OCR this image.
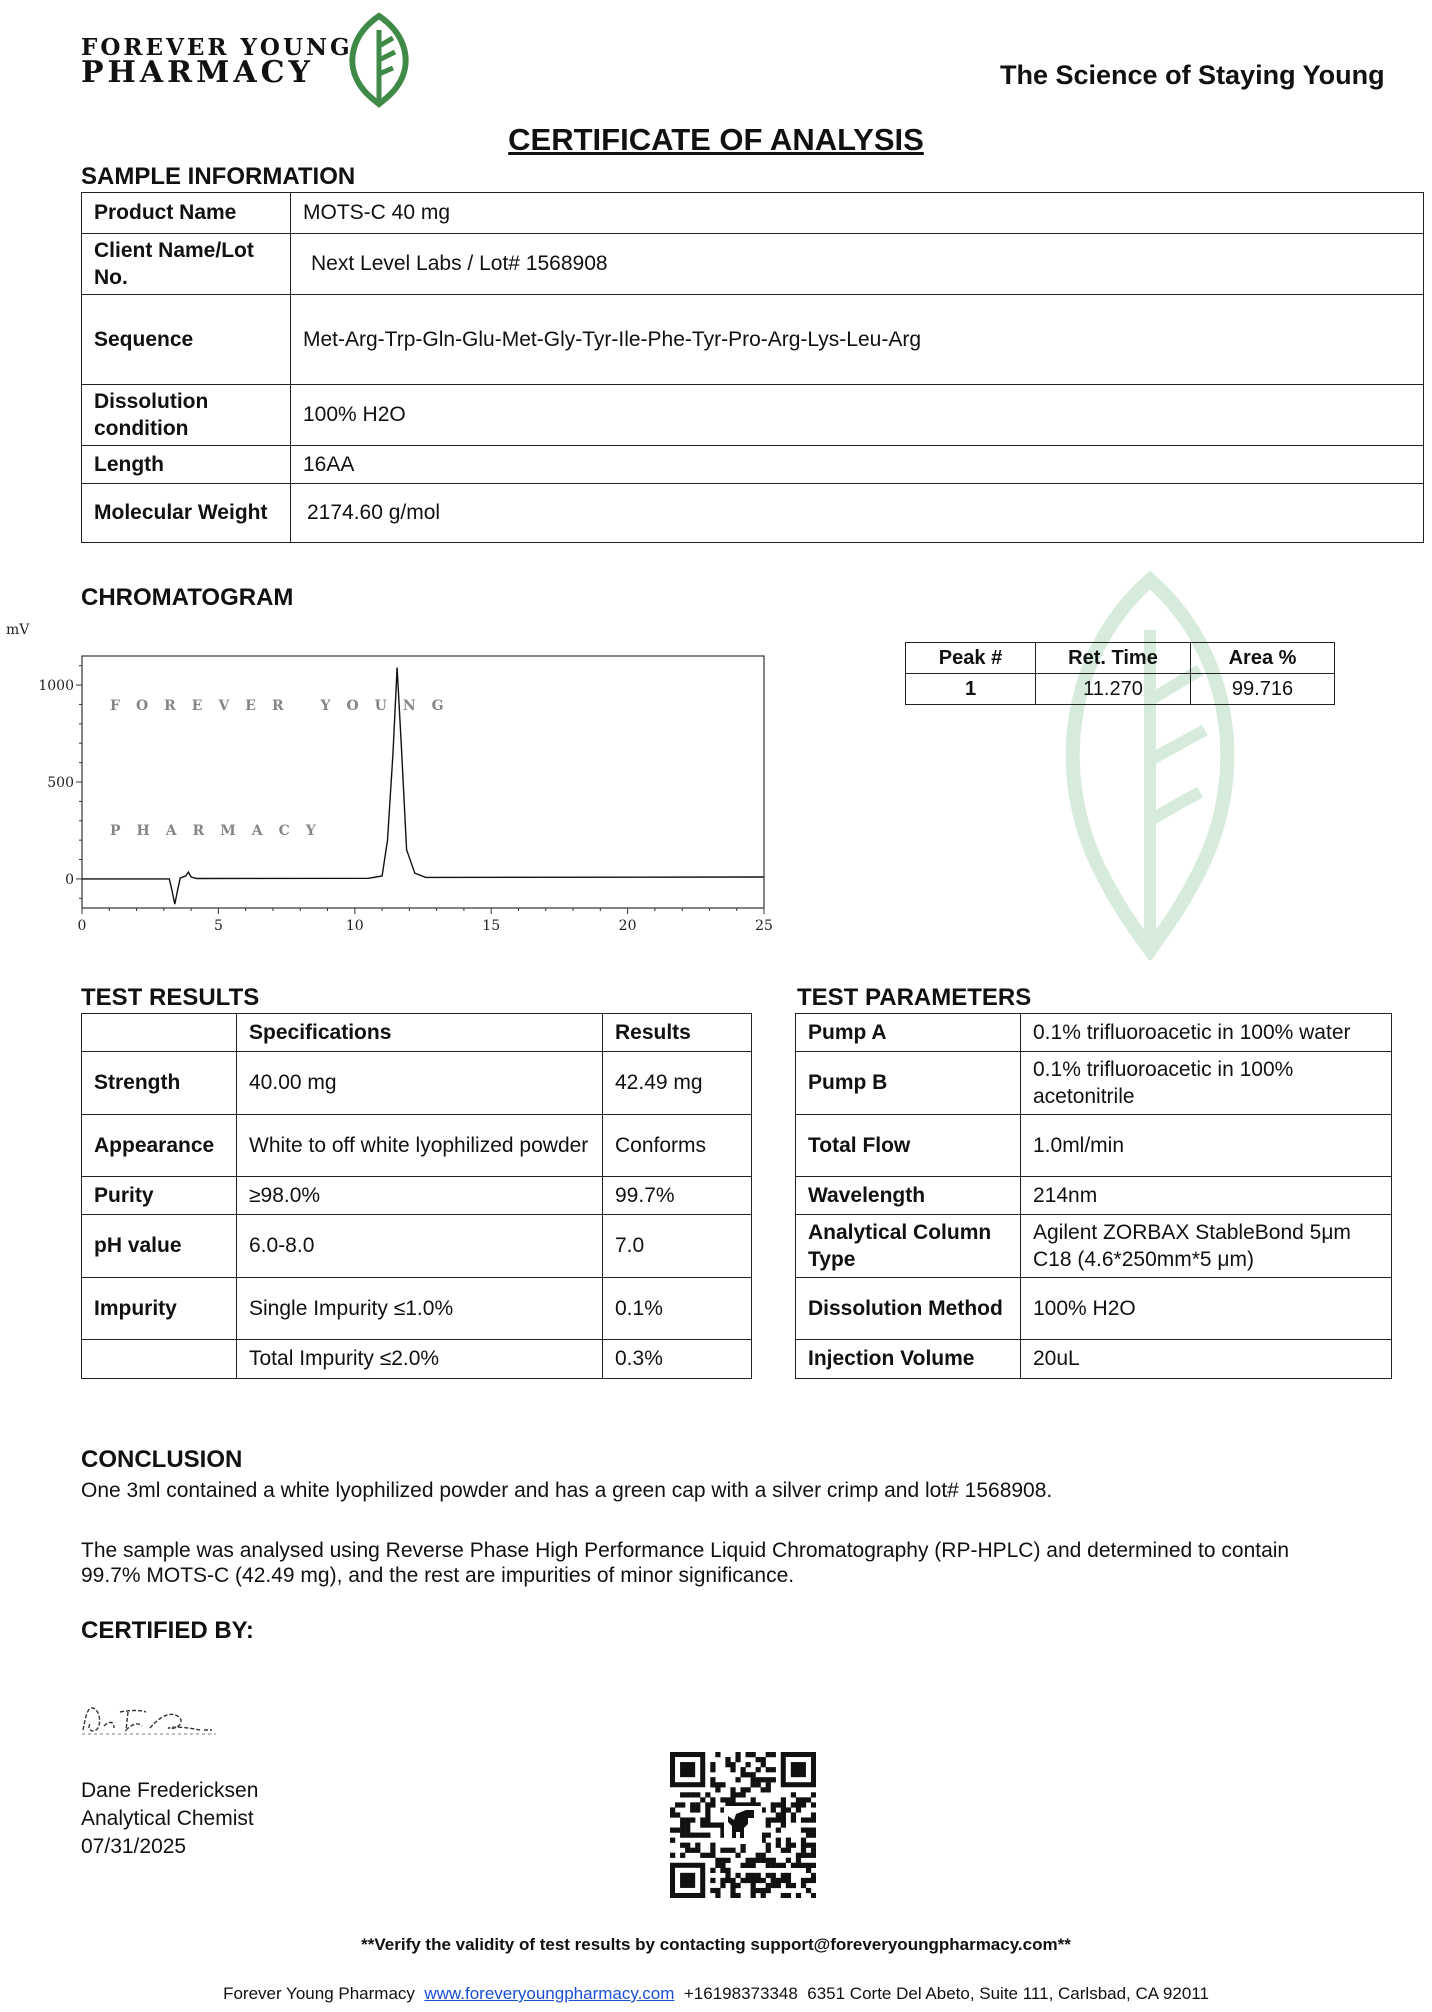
FOREVER YOUNG
PHARMACY	The Science of Staying Young
CERTIFICATE OF ANALYSIS
SAMPLE INFORMATION
Product Name	MOTS-C 40 mg
Client Name/Lot No.	Next Level Labs / Lot# 1568908
Sequence	Met-Arg-Trp-Gln-Glu-Met-Gly-Tyr-Ile-Phe-Tyr-Pro-Arg-Lys-Leu-Arg
Dissolution condition	100% H2O
Length	16AA
Molecular Weight	2174.60 g/mol
CHROMATOGRAM
FOREVER YOUNG
PHARMACY
0	5	10	15	20	25
0
500
1000
mV
Peak #	Ret. Time	Area %
1	11.270	99.716
TEST RESULTS
	Specifications	Results
Strength	40.00 mg	42.49 mg
Appearance	White to off white lyophilized powder	Conforms
Purity	≥98.0%	99.7%
pH value	6.0-8.0	7.0
Impurity	Single Impurity ≤1.0%	0.1%
	Total Impurity ≤2.0%	0.3%
TEST PARAMETERS
Pump A	0.1% trifluoroacetic in 100% water
Pump B	0.1% trifluoroacetic in 100% acetonitrile
Total Flow	1.0ml/min
Wavelength	214nm
Analytical Column Type	Agilent ZORBAX StableBond 5μm C18 (4.6*250mm*5 μm)
Dissolution Method	100% H2O
Injection Volume	20uL
CONCLUSION
One 3ml contained a white lyophilized powder and has a green cap with a silver crimp and lot# 1568908.
The sample was analysed using Reverse Phase High Performance Liquid Chromatography (RP-HPLC) and determined to contain 99.7% MOTS-C (42.49 mg), and the rest are impurities of minor significance.
CERTIFIED BY:
Dane Fredericksen
Analytical Chemist
07/31/2025
**Verify the validity of test results by contacting support@foreveryoungpharmacy.com**
Forever Young Pharmacy www.foreveryoungpharmacy.com +16198373348 6351 Corte Del Abeto, Suite 111, Carlsbad, CA 92011
